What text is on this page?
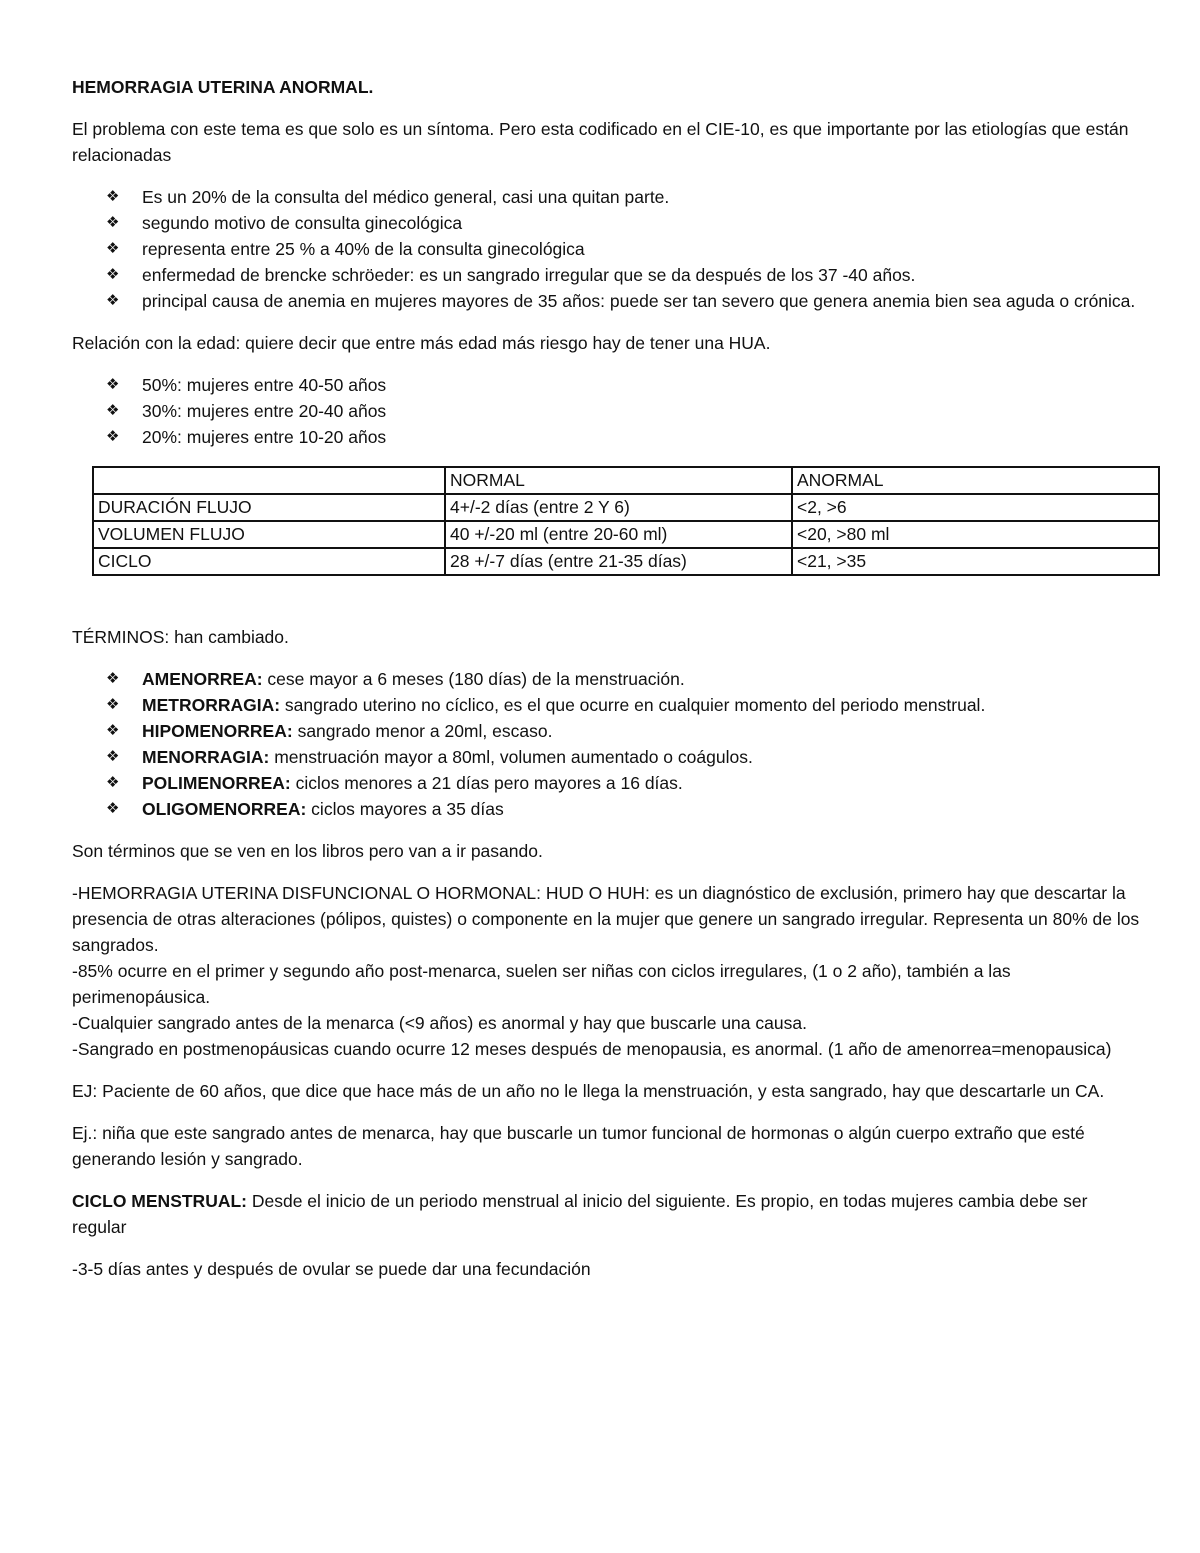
HEMORRAGIA UTERINA ANORMAL.

El problema con este tema es que solo es un síntoma. Pero esta codificado en el CIE-10, es que importante por las etiologías que están relacionadas

❖ Es un 20% de la consulta del médico general, casi una quitan parte.
❖ segundo motivo de consulta ginecológica
❖ representa entre 25 % a 40% de la consulta ginecológica
❖ enfermedad de brencke schröeder: es un sangrado irregular que se da después de los 37 -40 años.
❖ principal causa de anemia en mujeres mayores de 35 años: puede ser tan severo que genera anemia bien sea aguda o crónica.

Relación con la edad: quiere decir que entre más edad más riesgo hay de tener una HUA.

❖ 50%: mujeres entre 40-50 años
❖ 30%: mujeres entre 20-40 años
❖ 20%: mujeres entre 10-20 años
	NORMAL	ANORMAL
DURACIÓN FLUJO	4+/-2 días (entre 2 Y 6)	<2, >6
VOLUMEN FLUJO	40 +/-20 ml (entre 20-60 ml)	<20, >80 ml
CICLO	28 +/-7 días (entre 21-35 días)	<21, >35

TÉRMINOS: han cambiado.

❖ AMENORREA: cese mayor a 6 meses (180 días) de la menstruación.
❖ METRORRAGIA: sangrado uterino no cíclico, es el que ocurre en cualquier momento del periodo menstrual.
❖ HIPOMENORREA: sangrado menor a 20ml, escaso.
❖ MENORRAGIA: menstruación mayor a 80ml, volumen aumentado o coágulos.
❖ POLIMENORREA: ciclos menores a 21 días pero mayores a 16 días.
❖ OLIGOMENORREA: ciclos mayores a 35 días

Son términos que se ven en los libros pero van a ir pasando.

-HEMORRAGIA UTERINA DISFUNCIONAL O HORMONAL: HUD O HUH: es un diagnóstico de exclusión, primero hay que descartar la presencia de otras alteraciones (pólipos, quistes) o componente en la mujer que genere un sangrado irregular. Representa un 80% de los sangrados.

-85% ocurre en el primer y segundo año post-menarca, suelen ser niñas con ciclos irregulares, (1 o 2 año), también a las perimenopáusica.

-Cualquier sangrado antes de la menarca (<9 años) es anormal y hay que buscarle una causa.

-Sangrado en postmenopáusicas cuando ocurre 12 meses después de menopausia, es anormal. (1 año de amenorrea=menopausica)

EJ: Paciente de 60 años, que dice que hace más de un año no le llega la menstruación, y esta sangrado, hay que descartarle un CA.

Ej.: niña que este sangrado antes de menarca, hay que buscarle un tumor funcional de hormonas o algún cuerpo extraño que esté generando lesión y sangrado.

CICLO MENSTRUAL: Desde el inicio de un periodo menstrual al inicio del siguiente. Es propio, en todas mujeres cambia debe ser regular

-3-5 días antes y después de ovular se puede dar una fecundación
